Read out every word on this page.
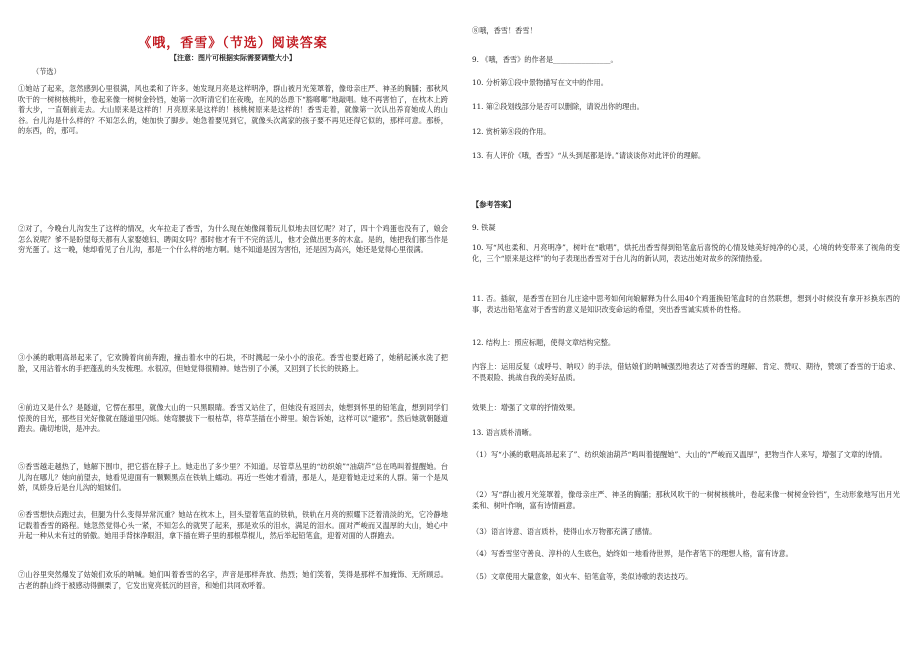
《哦，香雪》（节选）阅读答案
【注意：图片可根据实际需要调整大小】
（节选）
①她站了起来，忽然感到心里很满，风也柔和了许多。她发现月亮是这样明净，群山被月光笼罩着，像母亲庄严、神圣的胸脯；那秋风吹干的一树树核桃叶，卷起来像一树树金铃铛，她第一次听清它们在夜晚，在风的怂恿下“豁啷啷”地敲唱。她不再害怕了，在枕木上跨着大步，一直朝前走去。大山原来是这样的！月亮原来是这样的！核桃树原来是这样的！香雪走着，就像第一次认出养育她成人的山谷。台儿沟是什么样的？不知怎么的，她加快了脚步。她急着要见到它，就像头次离家的孩子要不再见还得它似的，那样可意。那桥，的东西，的，那可。
②对了，今晚台儿沟发生了这样的情况，火车拉走了香雪，为什么现在她像闹着玩儿似地去回忆呢？对了，四十个鸡蛋也没有了，娘会怎么说呢？爹不是盼望每天都有人家娶媳妇、聘闺女吗？那时他才有干不完的活儿，他才会做出更多的木盒。是的，她把我们都当作是穷光蛋了。这一晚，她却看见了台儿沟，那是一个什么样的地方啊。她不知道是因为害怕，还是因为高兴，她还是觉得心里很满。
③小溪的歌唱高昂起来了，它欢腾着向前奔跑，撞击着水中的石块，不时溅起一朵小小的浪花。香雪也要赶路了，她稍起溪水洗了把脸，又用沾着水的手把蓬乱的头发梳理。水很凉，但她觉得很精神。她告别了小溪，又回到了长长的铁路上。
④前边又是什么？是隧道，它愣在那里，就像大山的一只黑眼睛。香雪又站住了，但她没有返回去，她想到怀里的铅笔盒，想到同学们惊羡的目光，那些目光好像就在隧道里闪烁。她弯腰拔下一根枯草，将草茎插在小辫里。娘告诉她，这样可以“避邪”。然后她就朝隧道跑去。确切地说，是冲去。
⑤香雪越走越热了，她解下围巾，把它搭在脖子上。她走出了多少里？不知道。尽管草丛里的“纺织娘”“油葫芦”总在鸣叫着提醒她。台儿沟在哪儿？她向前望去，她看见迎面有一颗颗黑点在铁轨上蠕动。再近一些她才看清，那是人，是迎着她走过来的人群。第一个是凤娇，凤娇身后是台儿沟的姐妹们。
⑥香雪想快点跑过去，但腿为什么变得异常沉重？她站在枕木上，回头望着笔直的铁轨，铁轨在月亮的照耀下泛着清淡的光，它冷静地记载着香雪的路程。她忽然觉得心头一紧，不知怎么的就哭了起来，那是欢乐的泪水，满足的泪水。面对严峻而又温厚的大山，她心中升起一种从未有过的骄傲。她用手背抹净眼泪，拿下插在辫子里的那根草棍儿，然后举起铅笔盒，迎着对面的人群跑去。
⑦山谷里突然爆发了姑娘们欢乐的呐喊。她们叫着香雪的名字，声音是那样奔放、热烈；她们笑着，笑得是那样不加掩饰、无所顾忌。古老的群山终于被感动得颤栗了，它发出宽亮低沉的回音，和她们共同欢呼着。
⑧哦，香雪！香雪！
9. 《哦，香雪》的作者是________________。
10. 分析第①段中景物描写在文中的作用。
11. 第②段划线部分是否可以删除，请说出你的理由。
12. 赏析第⑧段的作用。
13. 有人评价《哦，香雪》“从头到尾都是诗。”请谈谈你对此评价的理解。
【参考答案】
9. 铁凝
10. 写“风也柔和、月亮明净”，树叶在“歌唱”，烘托出香雪得到铅笔盒后喜悦的心情及她美好纯净的心灵，心境的转变带来了视角的变化，三个“原来是这样”的句子表现出香雪对于台儿沟的新认同，表达出她对故乡的深情热爱。
11. 否。插叙，是香雪在回台儿庄途中思考如何向娘解释为什么用40个鸡蛋换铅笔盒时的自然联想，想到小时候没有拿开衫换东西的事，表达出铅笔盒对于香雪的意义是知识改变命运的希望，突出香雪诚实质朴的性格。
12. 结构上：照应标题，使得文章结构完整。
内容上：运用反复（或呼号、呐叹）的手法，借姑娘们的呐喊强烈地表达了对香雪的理解、肯定、赞叹、期待，赞颂了香雪的于追求、不畏艰险、挑战自我的美好品质。
效果上：增强了文章的抒情效果。
13. 语言质朴清晰。
（1）写“小溪的歌唱高昂起来了”、纺织娘油葫芦“鸣叫着提醒她”、大山的“严峻而又温厚”，把物当作人来写，增强了文章的诗情。
（2）写“群山被月光笼罩着，像母亲庄严、神圣的胸脯；那秋风吹干的一树树核桃叶，卷起来像一树树金铃铛”，生动形象地写出月光柔和、树叶作响，富有诗情画意。
（3）语言诗意、语言质朴，使得山水万物都充满了感情。
（4）写香雪坚守善良、淳朴的人生底色，始终如一地看待世界，是作者笔下的理想人格，富有诗意。
（5）文章使用大量意象，如火车、铅笔盒等，类似诗歌的表达技巧。
